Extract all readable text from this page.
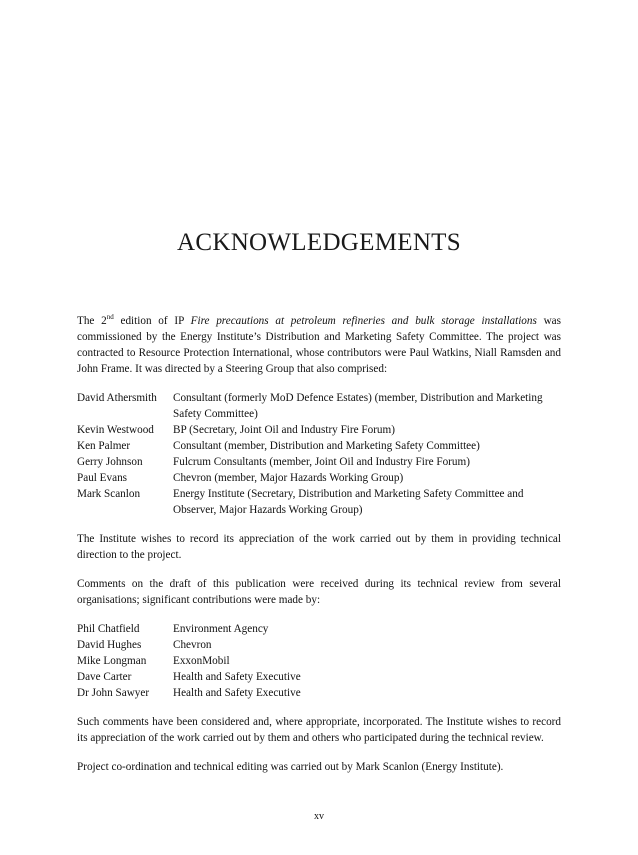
ACKNOWLEDGEMENTS

The 2nd edition of IP Fire precautions at petroleum refineries and bulk storage installations was commissioned by the Energy Institute’s Distribution and Marketing Safety Committee. The project was contracted to Resource Protection International, whose contributors were Paul Watkins, Niall Ramsden and John Frame. It was directed by a Steering Group that also comprised:

David Athersmith	Consultant (formerly MoD Defence Estates) (member, Distribution and Marketing Safety Committee)
Kevin Westwood	BP (Secretary, Joint Oil and Industry Fire Forum)
Ken Palmer	Consultant (member, Distribution and Marketing Safety Committee)
Gerry Johnson	Fulcrum Consultants (member, Joint Oil and Industry Fire Forum)
Paul Evans	Chevron (member, Major Hazards Working Group)
Mark Scanlon	Energy Institute (Secretary, Distribution and Marketing Safety Committee and Observer, Major Hazards Working Group)

The Institute wishes to record its appreciation of the work carried out by them in providing technical direction to the project.

Comments on the draft of this publication were received during its technical review from several organisations; significant contributions were made by:

Phil Chatfield	Environment Agency
David Hughes	Chevron
Mike Longman	ExxonMobil
Dave Carter	Health and Safety Executive
Dr John Sawyer	Health and Safety Executive

Such comments have been considered and, where appropriate, incorporated. The Institute wishes to record its appreciation of the work carried out by them and others who participated during the technical review.

Project co-ordination and technical editing was carried out by Mark Scanlon (Energy Institute).

xv
